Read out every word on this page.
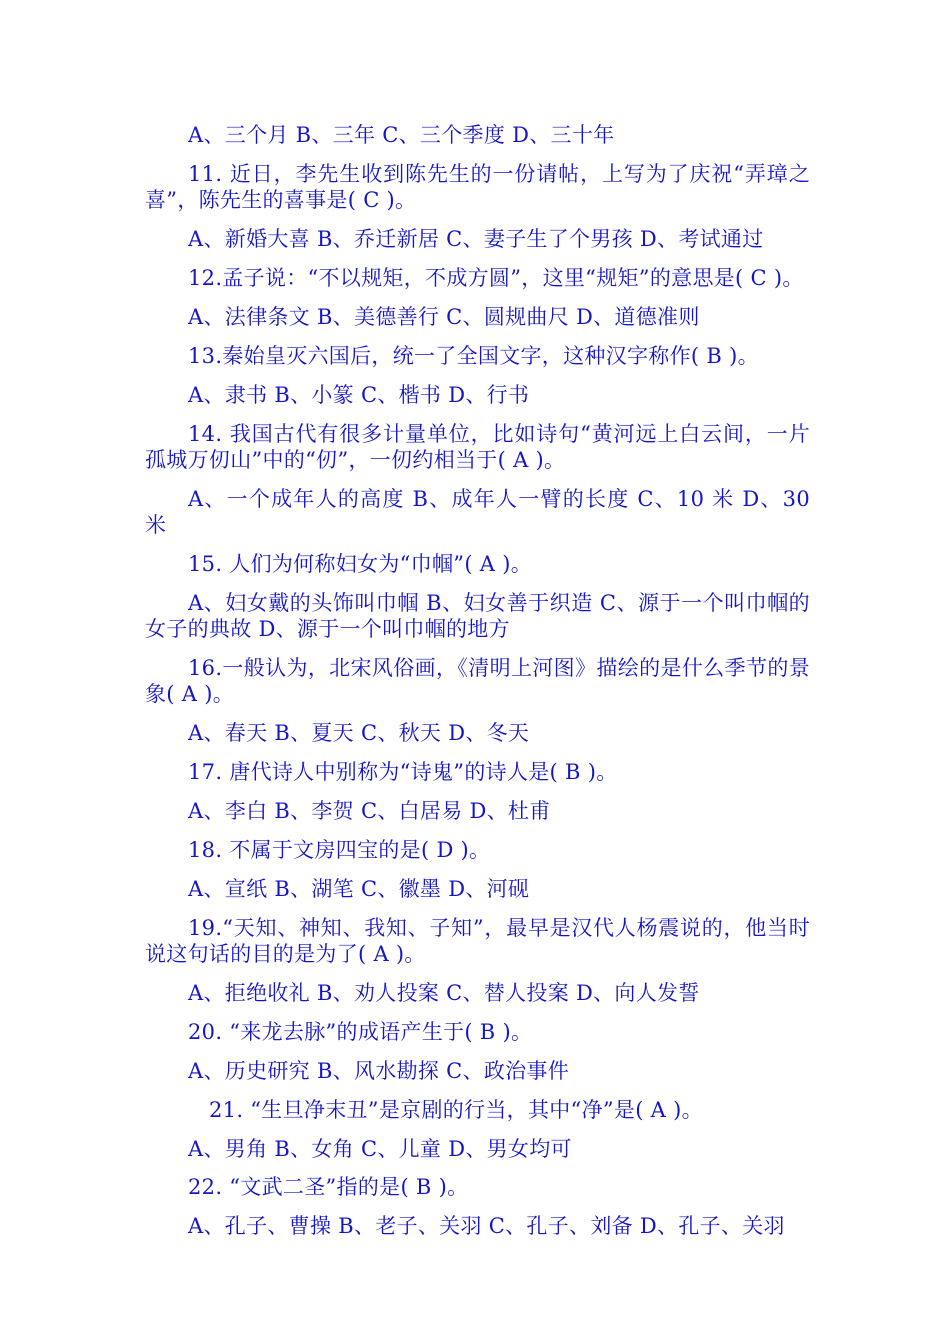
A、三个月 B、三年 C、三个季度 D、三十年

11. 近日，李先生收到陈先生的一份请帖，上写为了庆祝“弄璋之喜”，陈先生的喜事是( C )。

A、新婚大喜 B、乔迁新居 C、妻子生了个男孩 D、考试通过

12.孟子说：“不以规矩，不成方圆”，这里“规矩”的意思是( C )。

A、法律条文 B、美德善行 C、圆规曲尺 D、道德准则

13.秦始皇灭六国后，统一了全国文字，这种汉字称作( B )。

A、隶书 B、小篆 C、楷书 D、行书

14. 我国古代有很多计量单位，比如诗句“黄河远上白云间，一片孤城万仞山”中的“仞”，一仞约相当于( A )。

A、一个成年人的高度 B、成年人一臂的长度 C、10 米 D、30 米

15. 人们为何称妇女为“巾帼”( A )。

A、妇女戴的头饰叫巾帼 B、妇女善于织造 C、源于一个叫巾帼的女子的典故 D、源于一个叫巾帼的地方

16.一般认为，北宋风俗画，《清明上河图》描绘的是什么季节的景象( A )。

A、春天 B、夏天 C、秋天 D、冬天

17. 唐代诗人中别称为“诗鬼”的诗人是( B )。

A、李白 B、李贺 C、白居易 D、杜甫

18. 不属于文房四宝的是( D )。

A、宣纸 B、湖笔 C、徽墨 D、河砚

19.“天知、神知、我知、子知”，最早是汉代人杨震说的，他当时说这句话的目的是为了( A )。

A、拒绝收礼 B、劝人投案 C、替人投案 D、向人发誓

20. “来龙去脉”的成语产生于( B )。

A、历史研究 B、风水勘探 C、政治事件

21. “生旦净末丑”是京剧的行当，其中“净”是( A )。

A、男角 B、女角 C、儿童 D、男女均可

22. “文武二圣”指的是( B )。

A、孔子、曹操 B、老子、关羽 C、孔子、刘备 D、孔子、关羽
